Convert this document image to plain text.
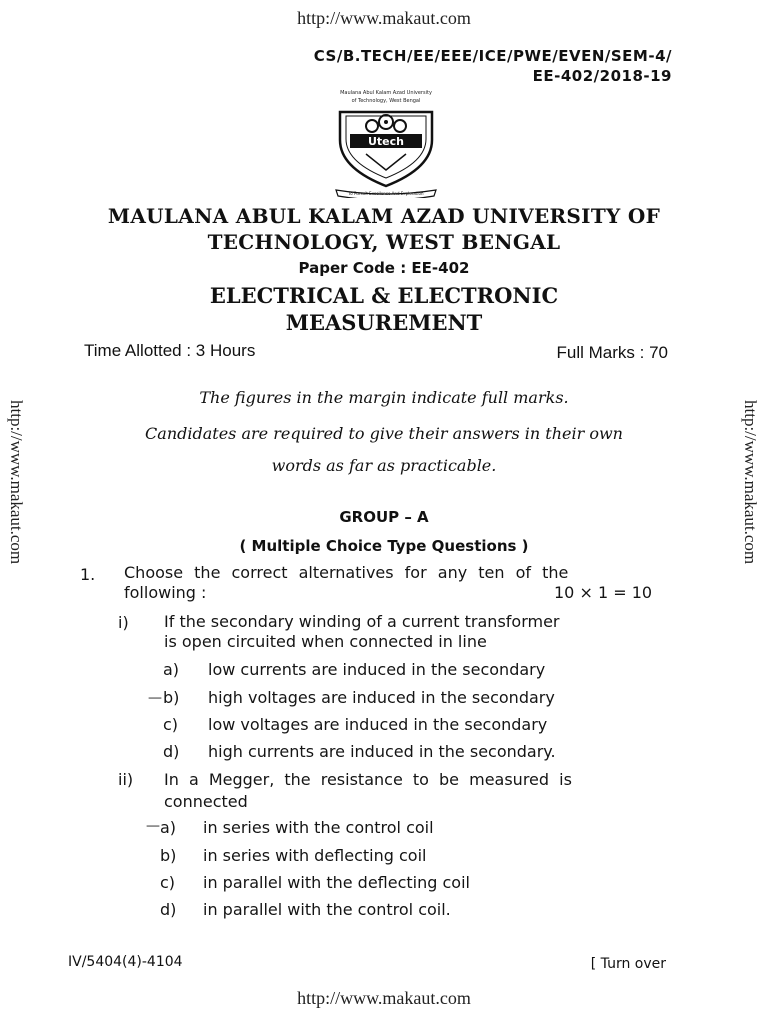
http://www.makaut.com
http://www.makaut.com	http://www.makaut.com
CS/B.TECH/EE/EEE/ICE/PWE/EVEN/SEM-4/
EE-402/2018-19
Maulana Abul Kalam Azad University
of Technology, West Bengal
Utech
To Pursuit Excellence And Exploration
MAULANA ABUL KALAM AZAD UNIVERSITY OF
TECHNOLOGY, WEST BENGAL
Paper Code : EE-402
ELECTRICAL & ELECTRONIC
MEASUREMENT
Time Allotted : 3 Hours	Full Marks : 70
The figures in the margin indicate full marks.
Candidates are required to give their answers in their own
words as far as practicable.
GROUP – A
( Multiple Choice Type Questions )
1. Choose the correct alternatives for any ten of the
following :	10 × 1 = 10
i) If the secondary winding of a current transformer
is open circuited when connected in line
a) low currents are induced in the secondary
b)
—	high voltages are induced in the secondary
c) low voltages are induced in the secondary
d) high currents are induced in the secondary.
ii) In a Megger, the resistance to be measured is
connected
a)
—	in series with the control coil
b) in series with deflecting coil
c) in parallel with the deflecting coil
d) in parallel with the control coil.
IV/5404(4)-4104	[ Turn over
http://www.makaut.com
